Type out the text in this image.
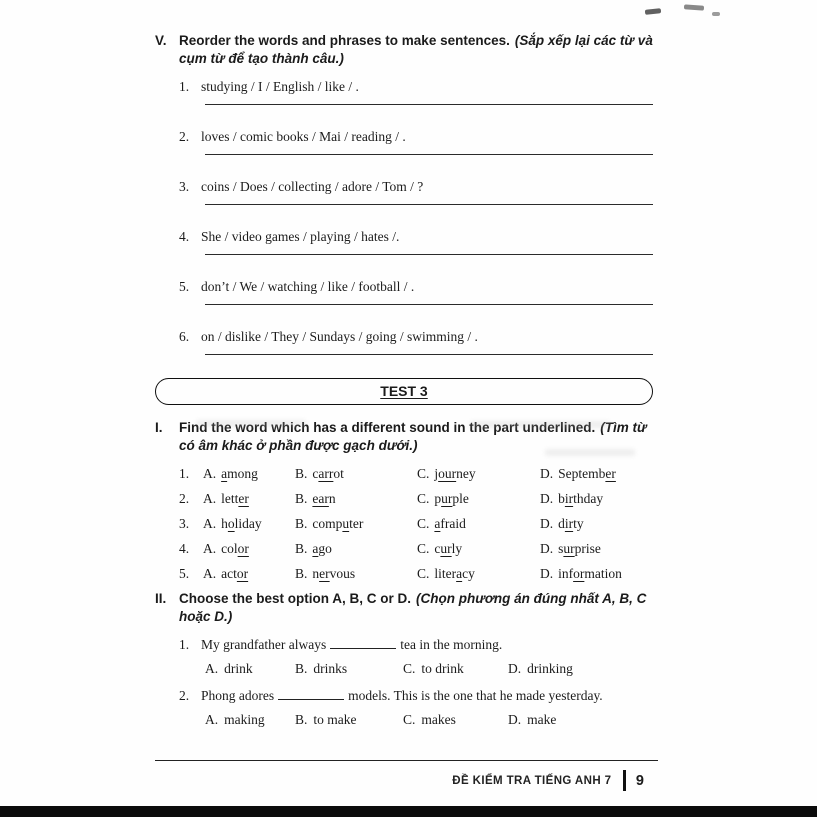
V. Reorder the words and phrases to make sentences. (Sắp xếp lại các từ và cụm từ để tạo thành câu.)
1. studying / I / English / like / .
2. loves / comic books / Mai / reading / .
3. coins / Does / collecting / adore / Tom / ?
4. She / video games / playing / hates /.
5. don’t / We / watching / like / football / .
6. on / dislike / They / Sundays / going / swimming / .
TEST 3
I.	Find the word which has a different sound in the part underlined. (Tìm từ có âm khác ở phần được gạch dưới.)
1.	A. among	B. carrot	C. journey	D. September
2.	A. letter	B. earn	C. purple	D. birthday
3.	A. holiday	B. computer	C. afraid	D. dirty
4.	A. color	B. ago	C. curly	D. surprise
5.	A. actor	B. nervous	C. literacy	D. information
II. Choose the best option A, B, C or D. (Chọn phương án đúng nhất A, B, C hoặc D.)
1. My grandfather always	tea in the morning.
A. drink	B. drinks	C. to drink	D. drinking
2. Phong adores	models. This is the one that he made yesterday.
A. making	B. to make	C. makes	D. make
ĐỀ KIỂM TRA TIẾNG ANH 7 9
